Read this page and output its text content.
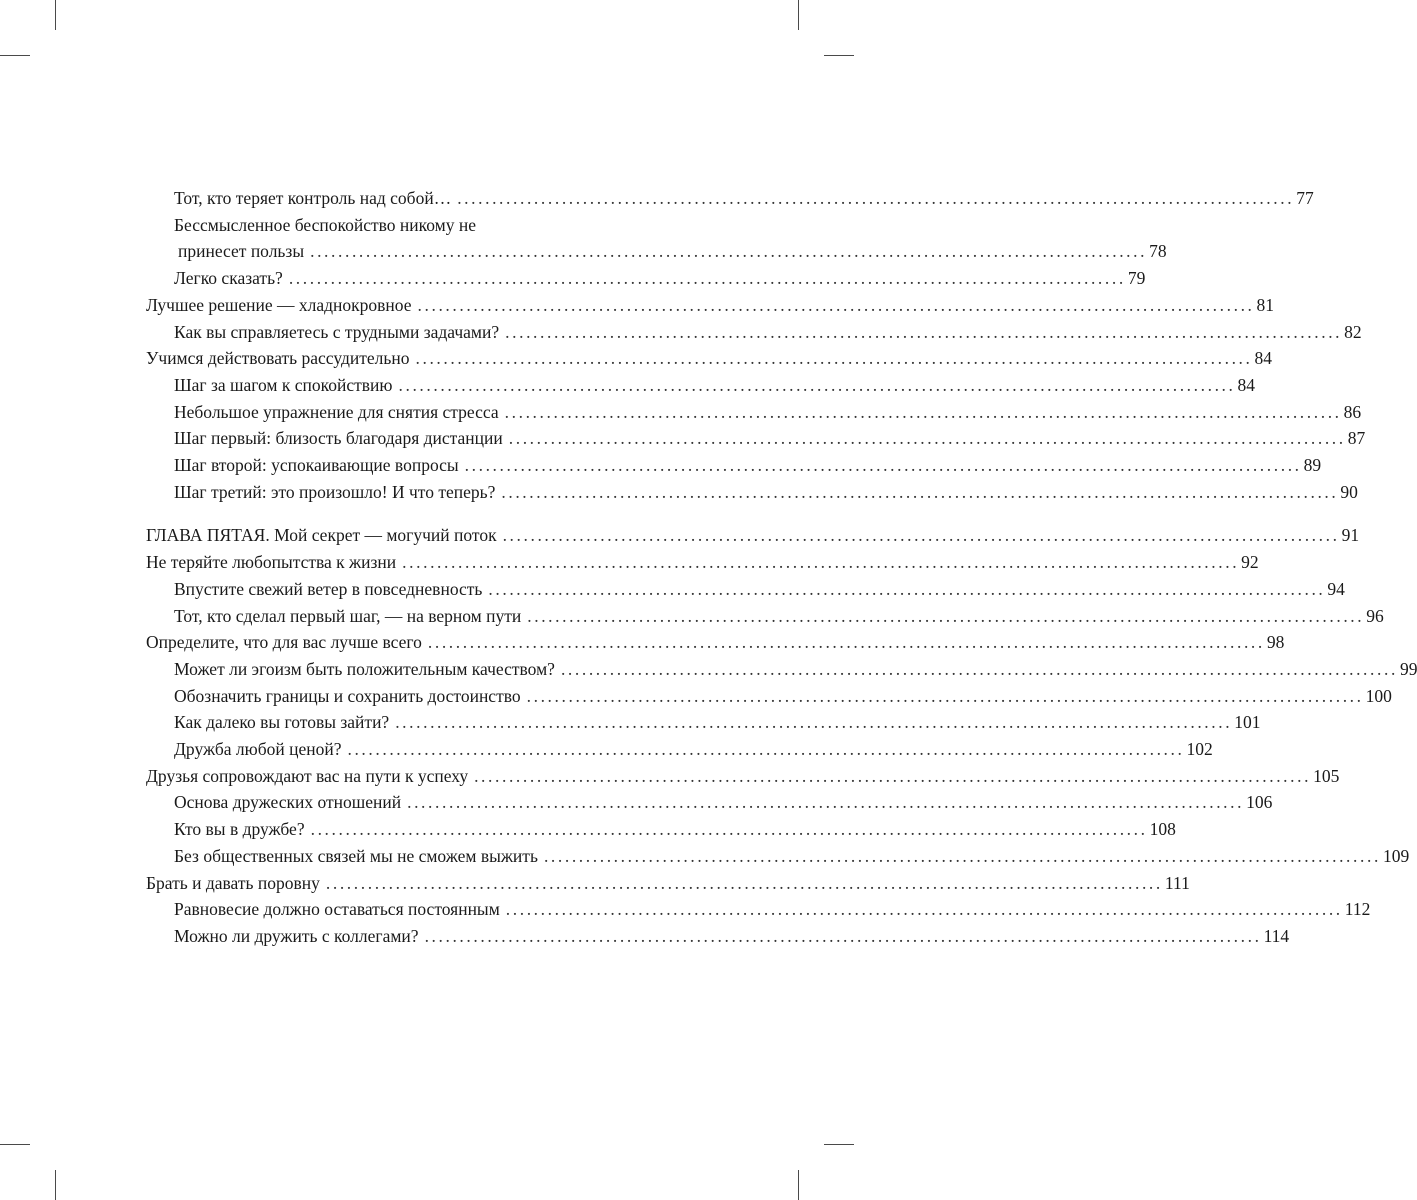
Тот, кто теряет контроль над собой… ........................................................................................................................ 77
Бессмысленное беспокойство никому не
принесет пользы ........................................................................................................................ 78
Легко сказать? ........................................................................................................................ 79
Лучшее решение — хладнокровное ........................................................................................................................ 81
Как вы справляетесь с трудными задачами? ........................................................................................................................ 82
Учимся действовать рассудительно ........................................................................................................................ 84
Шаг за шагом к спокойствию ........................................................................................................................ 84
Небольшое упражнение для снятия стресса ........................................................................................................................ 86
Шаг первый: близость благодаря дистанции ........................................................................................................................ 87
Шаг второй: успокаивающие вопросы ........................................................................................................................ 89
Шаг третий: это произошло! И что теперь? ........................................................................................................................ 90
ГЛАВА ПЯТАЯ. Мой секрет — могучий поток ........................................................................................................................ 91
Не теряйте любопытства к жизни ........................................................................................................................ 92
Впустите свежий ветер в повседневность ........................................................................................................................ 94
Тот, кто сделал первый шаг, — на верном пути ........................................................................................................................ 96
Определите, что для вас лучше всего ........................................................................................................................ 98
Может ли эгоизм быть положительным качеством? ........................................................................................................................ 99
Обозначить границы и сохранить достоинство ........................................................................................................................ 100
Как далеко вы готовы зайти? ........................................................................................................................ 101
Дружба любой ценой? ........................................................................................................................ 102
Друзья сопровождают вас на пути к успеху ........................................................................................................................ 105
Основа дружеских отношений ........................................................................................................................ 106
Кто вы в дружбе? ........................................................................................................................ 108
Без общественных связей мы не сможем выжить ........................................................................................................................ 109
Брать и давать поровну ........................................................................................................................ 111
Равновесие должно оставаться постоянным ........................................................................................................................ 112
Можно ли дружить с коллегами? ........................................................................................................................ 114
